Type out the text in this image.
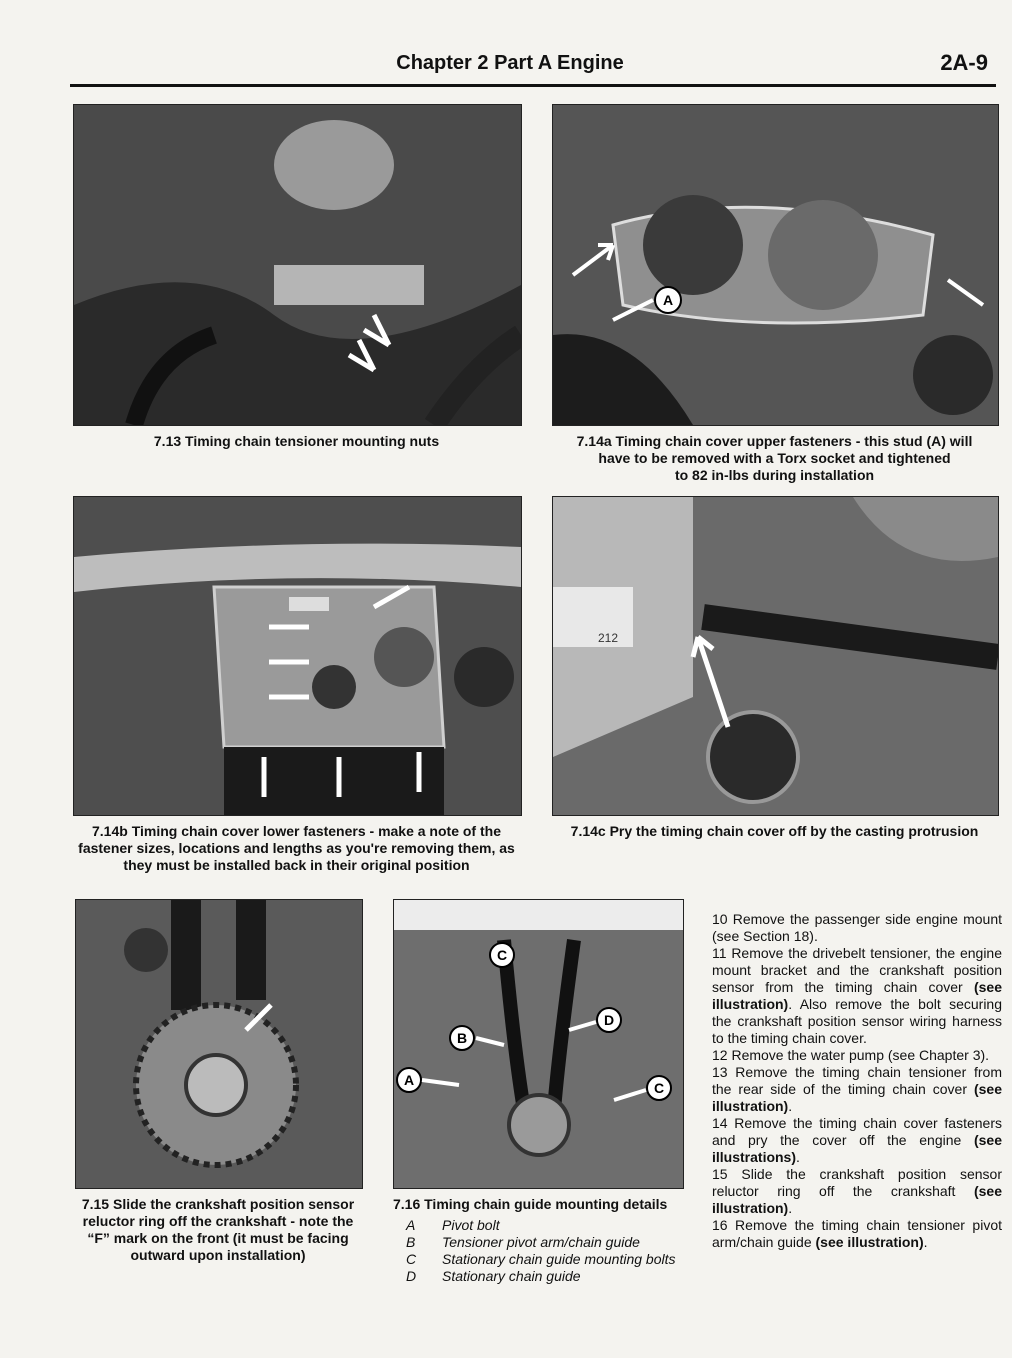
Chapter 2 Part A Engine	2A-9
7.13 Timing chain tensioner mounting nuts
A
7.14a Timing chain cover upper fasteners - this stud (A) will
have to be removed with a Torx socket and tightened
to 82 in-lbs during installation
7.14b Timing chain cover lower fasteners - make a note of the
fastener sizes, locations and lengths as you're removing them, as
they must be installed back in their original position
212
7.14c Pry the timing chain cover off by the casting protrusion
7.15 Slide the crankshaft position sensor
reluctor ring off the crankshaft - note the
“F” mark on the front (it must be facing
outward upon installation)
C
B
D
A	C
7.16 Timing chain guide mounting details
A	Pivot bolt
B	Tensioner pivot arm/chain guide
C	Stationary chain guide mounting bolts
D	Stationary chain guide

10 Remove the passenger side engine mount (see Section 18).

11 Remove the drivebelt tensioner, the engine mount bracket and the crankshaft position sensor from the timing chain cover (see illustration). Also remove the bolt securing the crankshaft position sensor wiring harness to the timing chain cover.

12 Remove the water pump (see Chapter 3).

13 Remove the timing chain tensioner from the rear side of the timing chain cover (see illustration).

14 Remove the timing chain cover fasteners and pry the cover off the engine (see illustrations).

15 Slide the crankshaft position sensor reluctor ring off the crankshaft (see illustration).

16 Remove the timing chain tensioner pivot arm/chain guide (see illustration).
